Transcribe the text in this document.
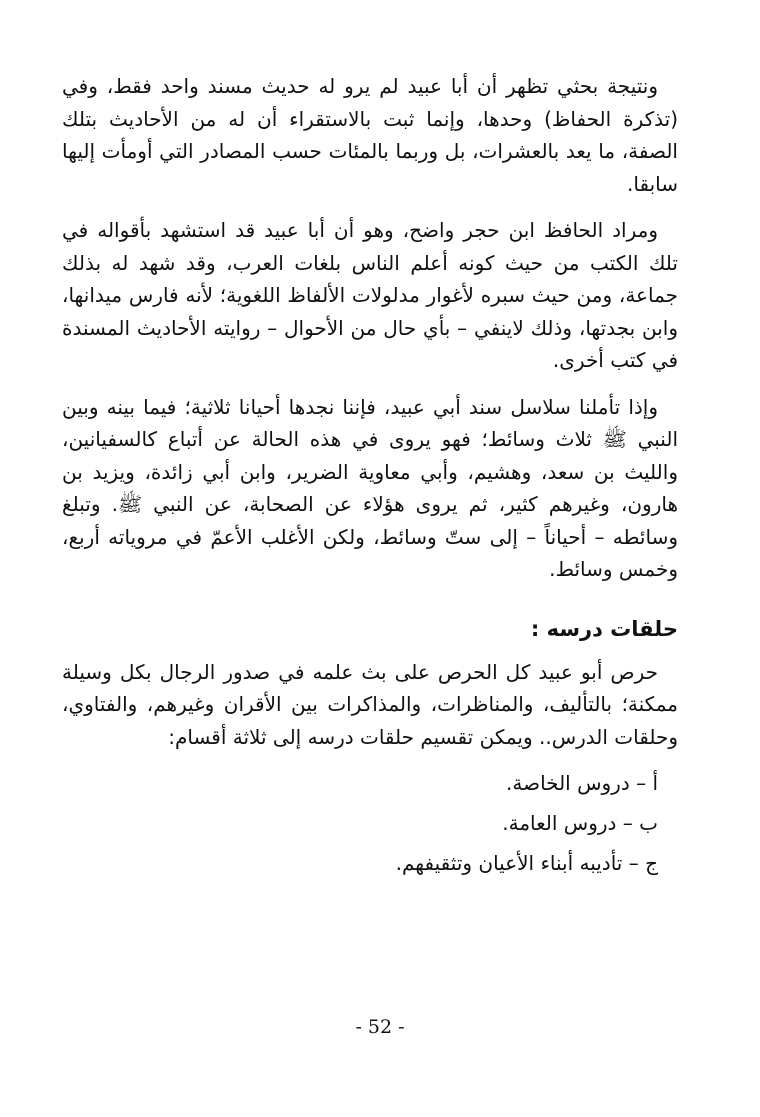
ونتيجة بحثي تظهر أن أبا عبيد لم يرو له حديث مسند واحد فقط، وفي (تذكرة الحفاظ) وحدها، وإنما ثبت بالاستقراء أن له من الأحاديث بتلك الصفة، ما يعد بالعشرات، بل وربما بالمئات حسب المصادر التي أومأت إليها سابقا.

ومراد الحافظ ابن حجر واضح، وهو أن أبا عبيد قد استشهد بأقواله في تلك الكتب من حيث كونه أعلم الناس بلغات العرب، وقد شهد له بذلك جماعة، ومن حيث سبره لأغوار مدلولات الألفاظ اللغوية؛ لأنه فارس ميدانها، وابن بجدتها، وذلك لاينفي – بأي حال من الأحوال – روايته الأحاديث المسندة في كتب أخرى.

وإذا تأملنا سلاسل سند أبي عبيد، فإننا نجدها أحيانا ثلاثية؛ فيما بينه وبين النبي ﷺ ثلاث وسائط؛ فهو يروى في هذه الحالة عن أتباع كالسفيانين، والليث بن سعد، وهشيم، وأبي معاوية الضرير، وابن أبي زائدة، ويزيد بن هارون، وغيرهم كثير، ثم يروى هؤلاء عن الصحابة، عن النبي ﷺ. وتبلغ وسائطه – أحياناً – إلى ستّ وسائط، ولكن الأغلب الأعمّ في مروياته أربع، وخمس وسائط.

حلقات درسه :

حرص أبو عبيد كل الحرص على بث علمه في صدور الرجال بكل وسيلة ممكنة؛ بالتأليف، والمناظرات، والمذاكرات بين الأقران وغيرهم، والفتاوي، وحلقات الدرس.. ويمكن تقسيم حلقات درسه إلى ثلاثة أقسام:

أ – دروس الخاصة.
ب – دروس العامة.
ج – تأديبه أبناء الأعيان وتثقيفهم.
- 52 -
